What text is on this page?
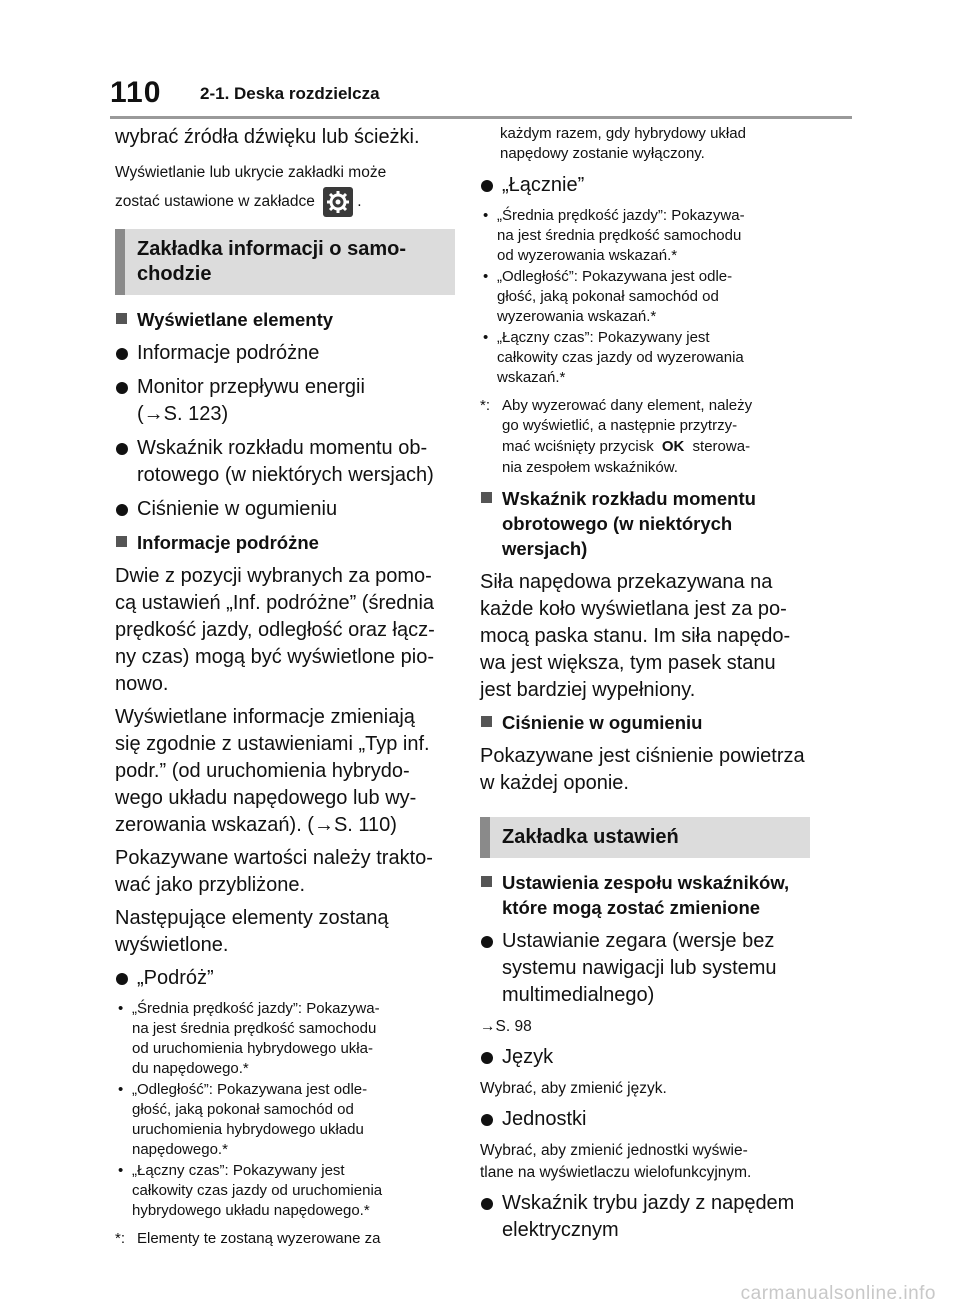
110 2-1. Deska rozdzielcza

wybrać źródła dźwięku lub ścieżki.

Wyświetlanie lub ukrycie zakładki może
zostać ustawione w zakładce	.

Zakładka informacji o samo-
chodzie
Wyświetlane elementy
Informacje podróżne
Monitor przepływu energii
(→S. 123)
Wskaźnik rozkładu momentu ob-
rotowego (w niektórych wersjach)
Ciśnienie w ogumieniu
Informacje podróżne

Dwie z pozycji wybranych za pomo-
cą ustawień „Inf. podróżne” (średnia
prędkość jazdy, odległość oraz łącz-
ny czas) mogą być wyświetlone pio-
nowo.

Wyświetlane informacje zmieniają
się zgodnie z ustawieniami „Typ inf.
podr.” (od uruchomienia hybrydo-
wego układu napędowego lub wy-
zerowania wskazań). (→S. 110)

Pokazywane wartości należy trakto-
wać jako przybliżone.

Następujące elementy zostaną
wyświetlone.

„Podróż”
• „Średnia prędkość jazdy”: Pokazywa-
na jest średnia prędkość samochodu
od uruchomienia hybrydowego ukła-
du napędowego.*
• „Odległość”: Pokazywana jest odle-
głość, jaką pokonał samochód od
uruchomienia hybrydowego układu
napędowego.*
• „Łączny czas”: Pokazywany jest
całkowity czas jazdy od uruchomienia
hybrydowego układu napędowego.*
*: Elementy te zostaną wyzerowane za
każdym razem, gdy hybrydowy układ
napędowy zostanie wyłączony.
„Łącznie”
• „Średnia prędkość jazdy”: Pokazywa-
na jest średnia prędkość samochodu
od wyzerowania wskazań.*
• „Odległość”: Pokazywana jest odle-
głość, jaką pokonał samochód od
wyzerowania wskazań.*
• „Łączny czas”: Pokazywany jest
całkowity czas jazdy od wyzerowania
wskazań.*
*: Aby wyzerować dany element, należy
go wyświetlić, a następnie przytrzy-
mać wciśnięty przycisk OK sterowa-
nia zespołem wskaźników.
Wskaźnik rozkładu momentu
obrotowego (w niektórych
wersjach)

Siła napędowa przekazywana na
każde koło wyświetlana jest za po-
mocą paska stanu. Im siła napędo-
wa jest większa, tym pasek stanu
jest bardziej wypełniony.

Ciśnienie w ogumieniu

Pokazywane jest ciśnienie powietrza
w każdej oponie.

Zakładka ustawień
Ustawienia zespołu wskaźników,
które mogą zostać zmienione
Ustawianie zegara (wersje bez
systemu nawigacji lub systemu
multimedialnego)

→S. 98

Język

Wybrać, aby zmienić język.

Jednostki

Wybrać, aby zmienić jednostki wyświe-
tlane na wyświetlaczu wielofunkcyjnym.

Wskaźnik trybu jazdy z napędem
elektrycznym
carmanualsonline.info
